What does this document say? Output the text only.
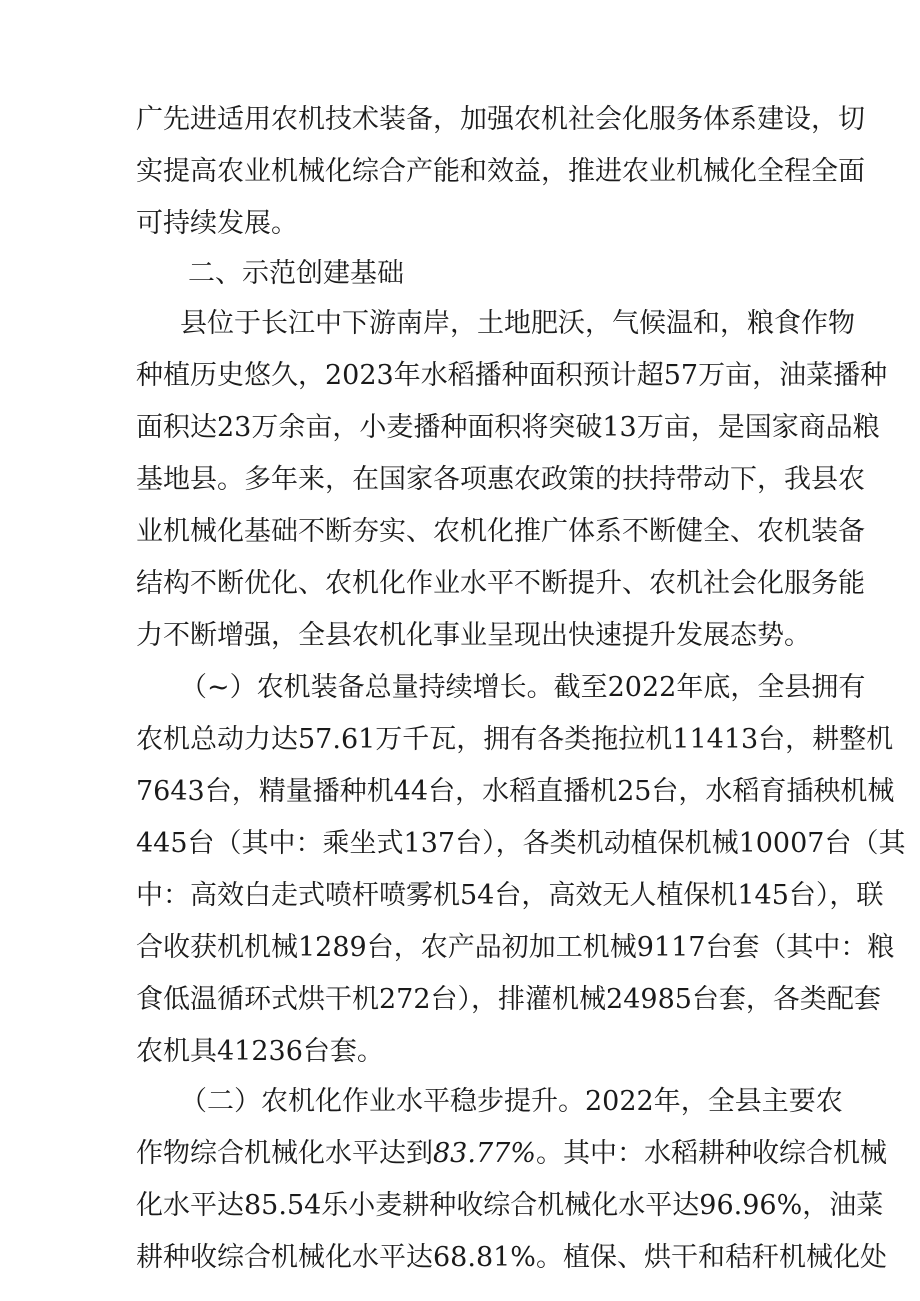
广先进适用农机技术装备，加强农机社会化服务体系建设，切
实提高农业机械化综合产能和效益，推进农业机械化全程全面
可持续发展。
二、示范创建基础
县位于长江中下游南岸，土地肥沃，气候温和，粮食作物
种植历史悠久，2023年水稻播种面积预计超57万亩，油菜播种
面积达23万余亩，小麦播种面积将突破13万亩，是国家商品粮
基地县。多年来，在国家各项惠农政策的扶持带动下，我县农
业机械化基础不断夯实、农机化推广体系不断健全、农机装备
结构不断优化、农机化作业水平不断提升、农机社会化服务能
力不断增强，全县农机化事业呈现出快速提升发展态势。
（~）农机装备总量持续增长。截至2022年底，全县拥有
农机总动力达57.61万千瓦，拥有各类拖拉机11413台，耕整机
7643台，精量播种机44台，水稻直播机25台，水稻育插秧机械
445台（其中：乘坐式137台），各类机动植保机械10007台（其
中：高效白走式喷杆喷雾机54台，高效无人植保机145台），联
合收获机机械1289台，农产品初加工机械9117台套（其中：粮
食低温循环式烘干机272台），排灌机械24985台套，各类配套
农机具41236台套。
（二）农机化作业水平稳步提升。2022年，全县主要农
作物综合机械化水平达到83.77%。其中：水稻耕种收综合机械
化水平达85.54乐小麦耕种收综合机械化水平达96.96%，油菜
耕种收综合机械化水平达68.81%。植保、烘干和秸秆机械化处
